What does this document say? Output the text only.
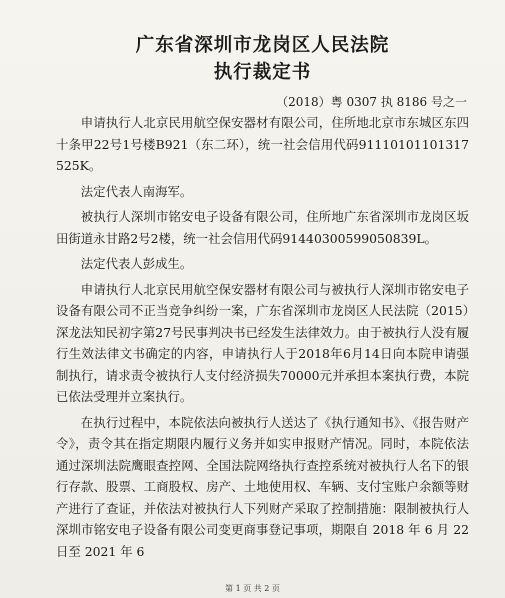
广东省深圳市龙岗区人民法院
执行裁定书
（2018）粤 0307 执 8186 号之一

申请执行人北京民用航空保安器材有限公司，住所地北京市东城区东四十条甲22号1号楼B921（东二环），统一社会信用代码91110101101317525K。

法定代表人南海军。

被执行人深圳市铭安电子设备有限公司，住所地广东省深圳市龙岗区坂田街道永甘路2号2楼，统一社会信用代码91440300599050839L。

法定代表人彭成生。

申请执行人北京民用航空保安器材有限公司与被执行人深圳市铭安电子设备有限公司不正当竞争纠纷一案，广东省深圳市龙岗区人民法院（2015）深龙法知民初字第27号民事判决书已经发生法律效力。由于被执行人没有履行生效法律文书确定的内容，申请执行人于2018年6月14日向本院申请强制执行，请求责令被执行人支付经济损失70000元并承担本案执行费，本院已依法受理并立案执行。

在执行过程中，本院依法向被执行人送达了《执行通知书》、《报告财产令》，责令其在指定期限内履行义务并如实申报财产情况。同时，本院依法通过深圳法院鹰眼查控网、全国法院网络执行查控系统对被执行人名下的银行存款、股票、工商股权、房产、土地使用权、车辆、支付宝账户余额等财产进行了查证，并依法对被执行人下列财产采取了控制措施：限制被执行人深圳市铭安电子设备有限公司变更商事登记事项，期限自 2018 年 6 月 22 日至 2021 年 6

第 1 页 共 2 页
